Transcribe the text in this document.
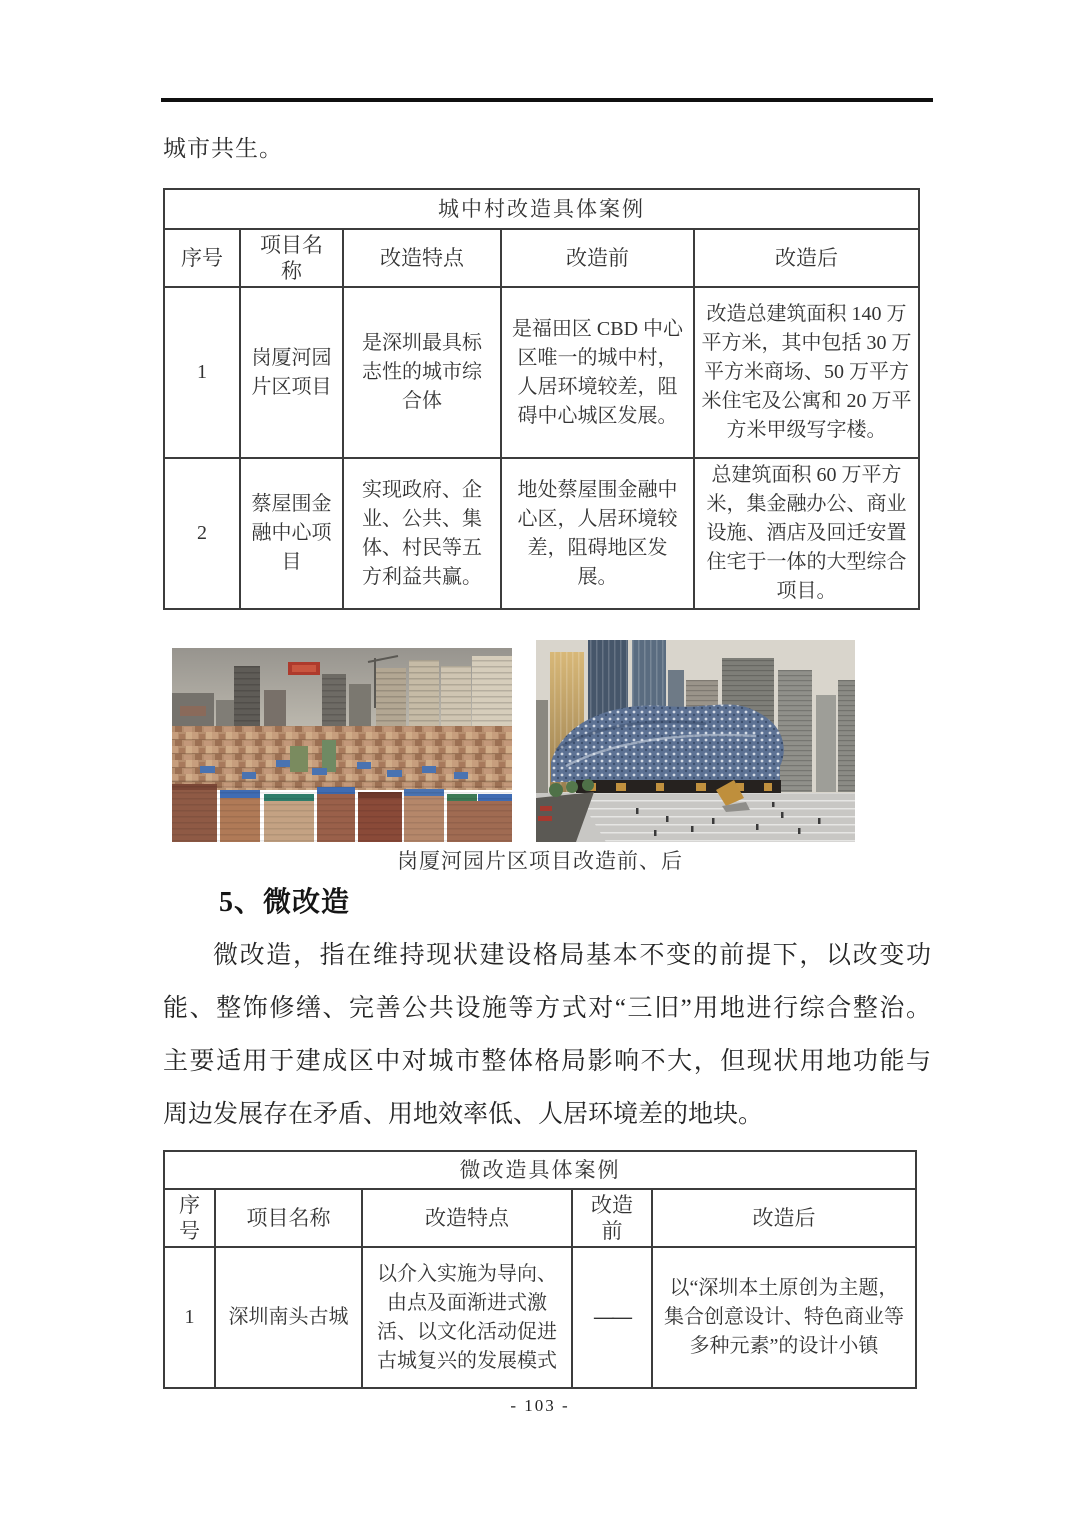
城市共生。
城中村改造具体案例				
序号	项目名称	改造特点	改造前	改造后
1	岗厦河园片区项目	是深圳最具标志性的城市综合体	是福田区 CBD 中心区唯一的城中村，人居环境较差，阻碍中心城区发展。	改造总建筑面积 140 万平方米，其中包括 30 万平方米商场、50 万平方米住宅及公寓和 20 万平方米甲级写字楼。
2	蔡屋围金融中心项目	实现政府、企业、公共、集体、村民等五方利益共赢。	地处蔡屋围金融中心区，人居环境较差，阻碍地区发展。	总建筑面积 60 万平方米，集金融办公、商业设施、酒店及回迁安置住宅于一体的大型综合项目。
岗厦河园片区项目改造前、后
5、微改造
微改造，指在维持现状建设格局基本不变的前提下，以改变功
能、整饰修缮、完善公共设施等方式对“三旧”用地进行综合整治。
主要适用于建成区中对城市整体格局影响不大，但现状用地功能与
周边发展存在矛盾、用地效率低、人居环境差的地块。
微改造具体案例				
序号	项目名称	改造特点	改造前	改造后
1	深圳南头古城	以介入实施为导向、由点及面渐进式激活、以文化活动促进古城复兴的发展模式	——	以“深圳本土原创为主题，集合创意设计、特色商业等多种元素”的设计小镇
- 103 -
